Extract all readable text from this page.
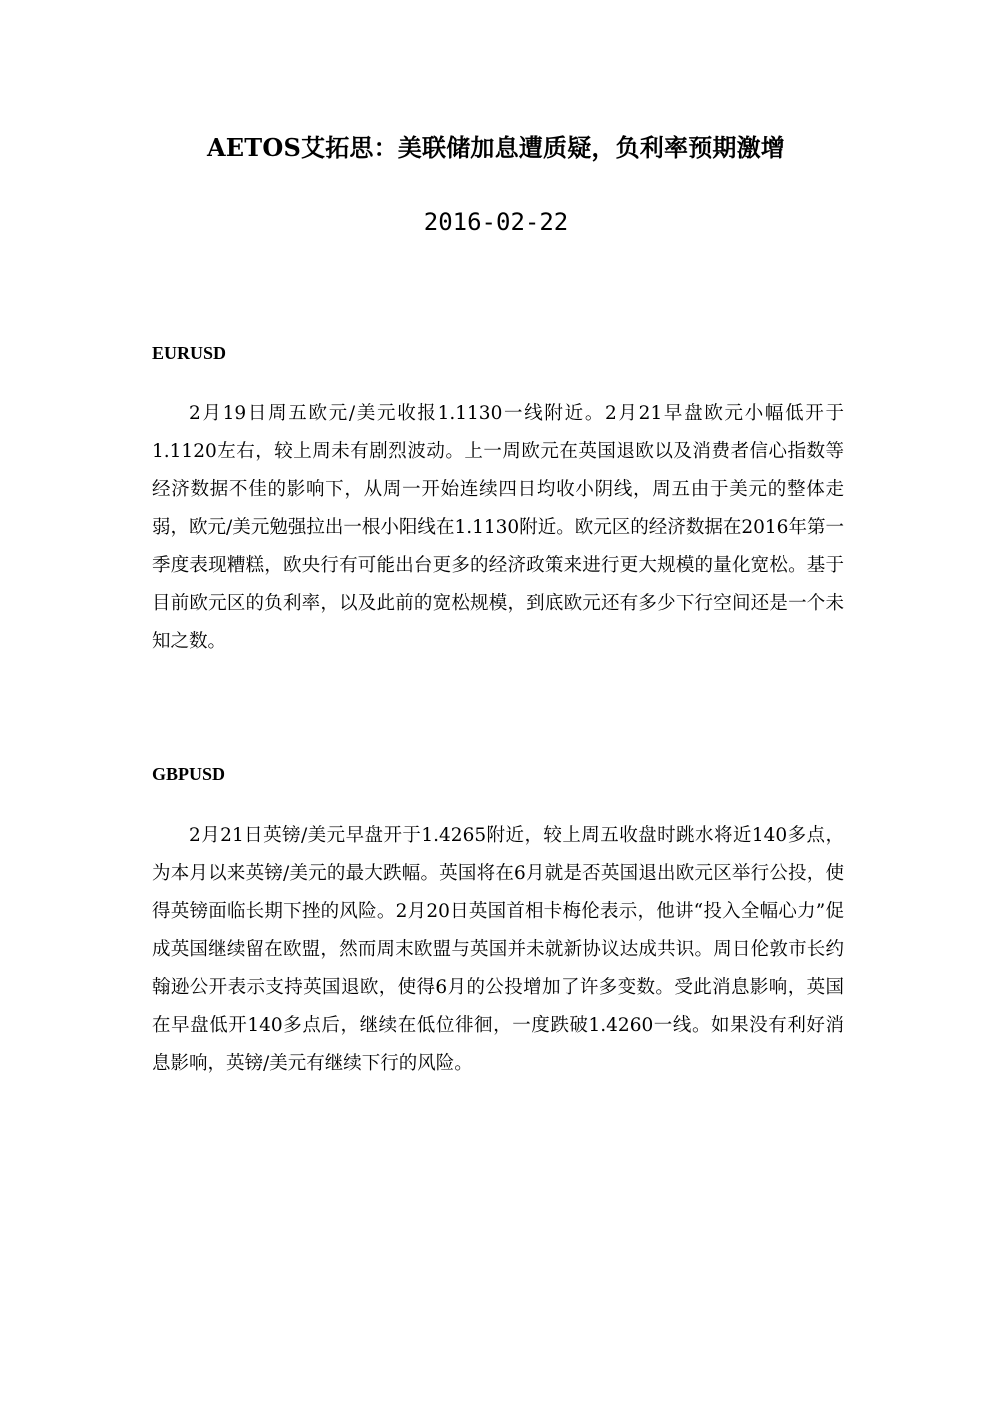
AETOS艾拓思：美联储加息遭质疑，负利率预期激增
2016-02-22
EURUSD

2月19日周五欧元/美元收报1.1130一线附近。2月21早盘欧元小幅低开于1.1120左右，较上周未有剧烈波动。上一周欧元在英国退欧以及消费者信心指数等经济数据不佳的影响下，从周一开始连续四日均收小阴线，周五由于美元的整体走弱，欧元/美元勉强拉出一根小阳线在1.1130附近。欧元区的经济数据在2016年第一季度表现糟糕，欧央行有可能出台更多的经济政策来进行更大规模的量化宽松。基于目前欧元区的负利率，以及此前的宽松规模，到底欧元还有多少下行空间还是一个未知之数。

GBPUSD

2月21日英镑/美元早盘开于1.4265附近，较上周五收盘时跳水将近140多点，为本月以来英镑/美元的最大跌幅。英国将在6月就是否英国退出欧元区举行公投，使得英镑面临长期下挫的风险。2月20日英国首相卡梅伦表示，他讲“投入全幅心力”促成英国继续留在欧盟，然而周末欧盟与英国并未就新协议达成共识。周日伦敦市长约翰逊公开表示支持英国退欧，使得6月的公投增加了许多变数。受此消息影响，英国在早盘低开140多点后，继续在低位徘徊，一度跌破1.4260一线。如果没有利好消息影响，英镑/美元有继续下行的风险。
